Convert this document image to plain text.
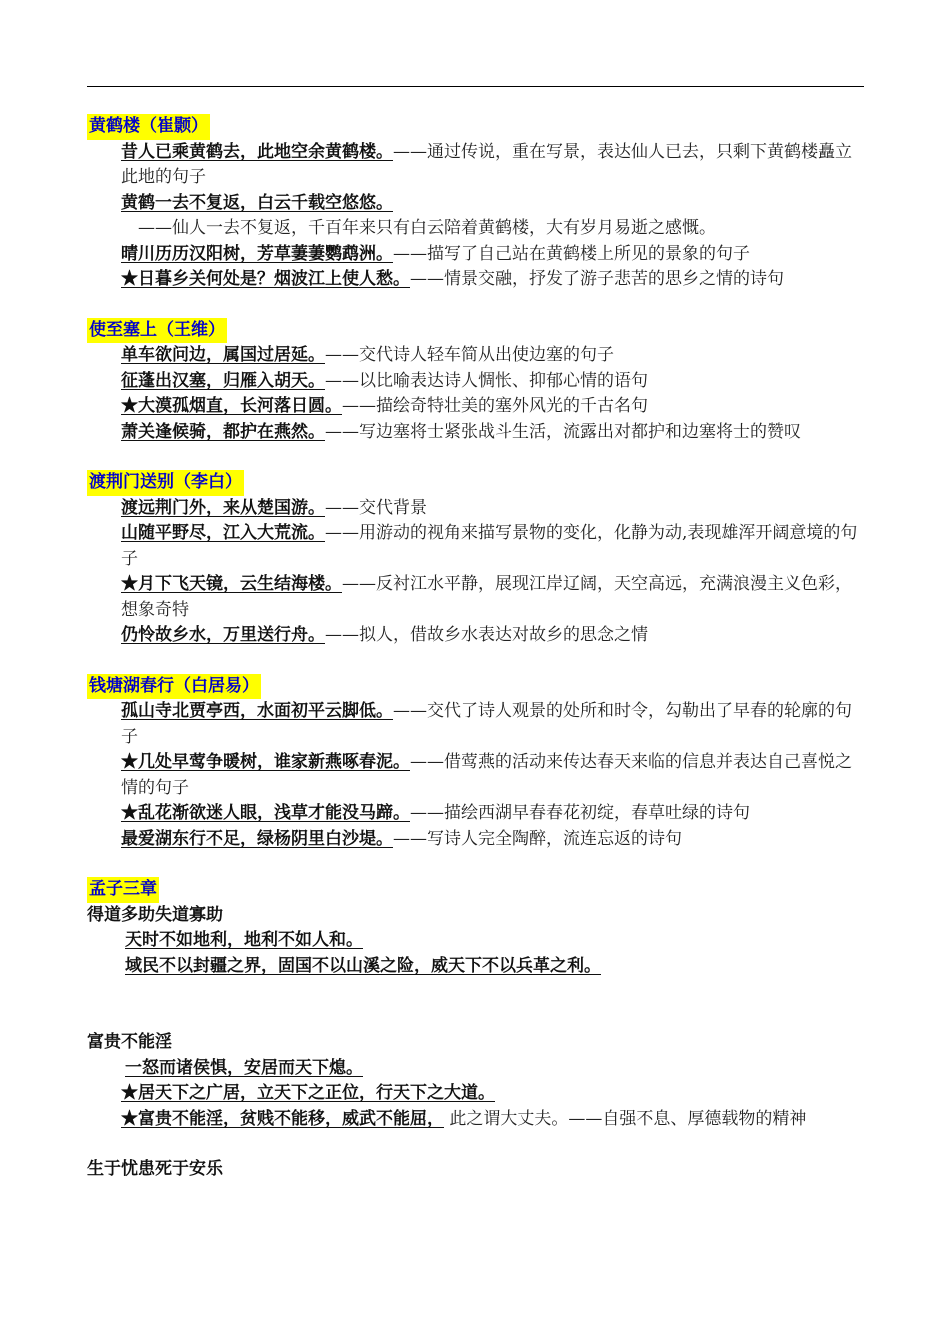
黄鹤楼（崔颢）
昔人已乘黄鹤去，此地空余黄鹤楼。——通过传说，重在写景，表达仙人已去，只剩下黄鹤楼矗立此地的句子
黄鹤一去不复返，白云千载空悠悠。
——仙人一去不复返，千百年来只有白云陪着黄鹤楼，大有岁月易逝之感慨。
晴川历历汉阳树，芳草萋萋鹦鹉洲。——描写了自己站在黄鹤楼上所见的景象的句子
★日暮乡关何处是？烟波江上使人愁。——情景交融，抒发了游子悲苦的思乡之情的诗句
使至塞上（王维）
单车欲问边，属国过居延。——交代诗人轻车简从出使边塞的句子
征蓬出汉塞，归雁入胡天。——以比喻表达诗人惆怅、抑郁心情的语句
★大漠孤烟直，长河落日圆。——描绘奇特壮美的塞外风光的千古名句
萧关逢候骑，都护在燕然。——写边塞将士紧张战斗生活，流露出对都护和边塞将士的赞叹
渡荆门送别（李白）
渡远荆门外，来从楚国游。——交代背景
山随平野尽，江入大荒流。——用游动的视角来描写景物的变化，化静为动,表现雄浑开阔意境的句子
★月下飞天镜，云生结海楼。——反衬江水平静，展现江岸辽阔，天空高远，充满浪漫主义色彩，想象奇特
仍怜故乡水，万里送行舟。——拟人，借故乡水表达对故乡的思念之情
钱塘湖春行（白居易）
孤山寺北贾亭西，水面初平云脚低。——交代了诗人观景的处所和时令，勾勒出了早春的轮廓的句子
★几处早莺争暖树，谁家新燕啄春泥。——借莺燕的活动来传达春天来临的信息并表达自己喜悦之情的句子
★乱花渐欲迷人眼，浅草才能没马蹄。——描绘西湖早春春花初绽，春草吐绿的诗句
最爱湖东行不足，绿杨阴里白沙堤。——写诗人完全陶醉，流连忘返的诗句
孟子三章
得道多助失道寡助
天时不如地利，地利不如人和。
域民不以封疆之界，固国不以山溪之险，威天下不以兵革之利。
富贵不能淫
一怒而诸侯惧，安居而天下熄。
★居天下之广居，立天下之正位，行天下之大道。
★富贵不能淫，贫贱不能移，威武不能屈， 此之谓大丈夫。——自强不息、厚德载物的精神
生于忧患死于安乐
